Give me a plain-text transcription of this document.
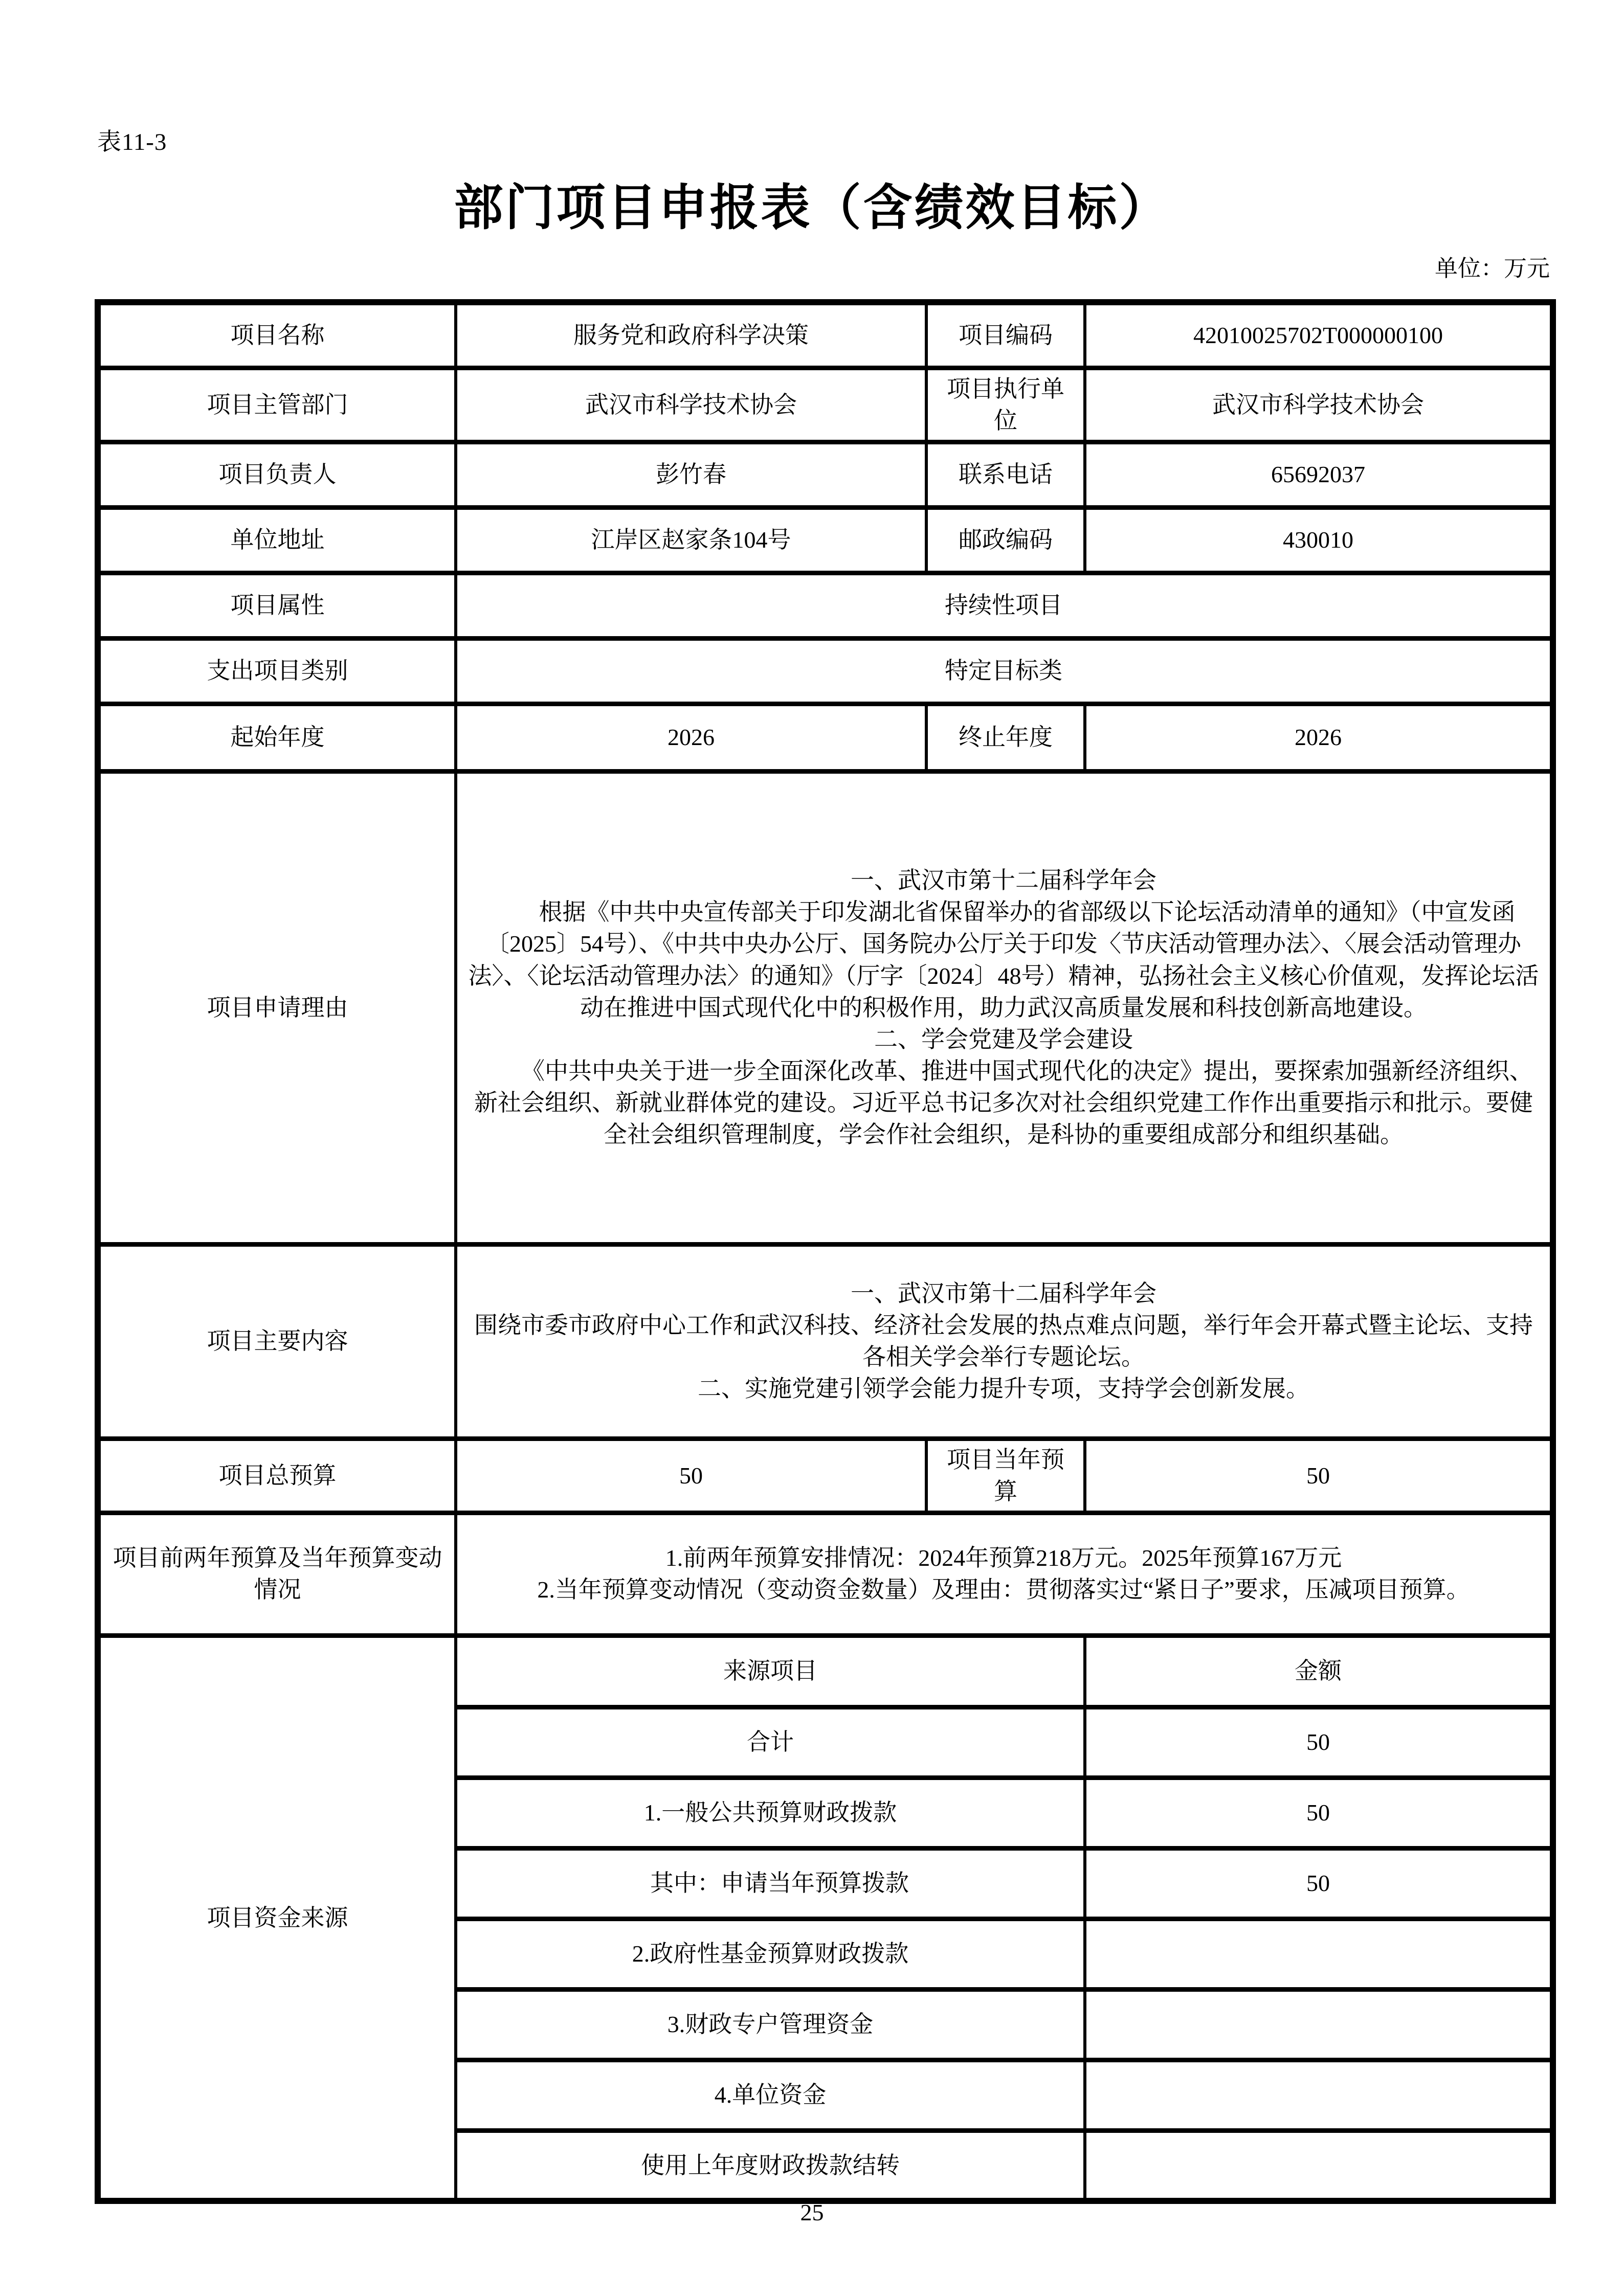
表11-3
部门项目申报表（含绩效目标）
单位：万元
项目名称	服务党和政府科学决策	项目编码	42010025702T000000100
项目主管部门	武汉市科学技术协会	项目执行单位	武汉市科学技术协会
项目负责人	彭竹春	联系电话	65692037
单位地址	江岸区赵家条104号	邮政编码	430010
项目属性	持续性项目		
支出项目类别	特定目标类		
起始年度	2026	终止年度	2026
项目申请理由	一、武汉市第十二届科学年会

根据《中共中央宣传部关于印发湖北省保留举办的省部级以下论坛活动清单的通知》（中宣发函〔2025〕54号）、《中共中央办公厅、国务院办公厅关于印发〈节庆活动管理办法〉、〈展会活动管理办法〉、〈论坛活动管理办法〉的通知》（厅字〔2024〕48号）精神，弘扬社会主义核心价值观，发挥论坛活动在推进中国式现代化中的积极作用，助力武汉高质量发展和科技创新高地建设。

二、学会党建及学会建设

《中共中央关于进一步全面深化改革、推进中国式现代化的决定》提出，要探索加强新经济组织、新社会组织、新就业群体党的建设。习近平总书记多次对社会组织党建工作作出重要指示和批示。要健全社会组织管理制度，学会作社会组织，是科协的重要组成部分和组织基础。		

项目主要内容	一、武汉市第十二届科学年会

围绕市委市政府中心工作和武汉科技、经济社会发展的热点难点问题，举行年会开幕式暨主论坛、支持各相关学会举行专题论坛。

二、实施党建引领学会能力提升专项，支持学会创新发展。		

项目总预算	50	项目当年预算	50
项目前两年预算及当年预算变动情况	1.前两年预算安排情况：2024年预算218万元。2025年预算167万元

2.当年预算变动情况（变动资金数量）及理由：贯彻落实过“紧日子”要求，压减项目预算。		

项目资金来源	来源项目		金额
	合计		50
	1.一般公共预算财政拨款		50
	其中：申请当年预算拨款		50
	2.政府性基金预算财政拨款		
	3.财政专户管理资金		
	4.单位资金		
	使用上年度财政拨款结转		
25
